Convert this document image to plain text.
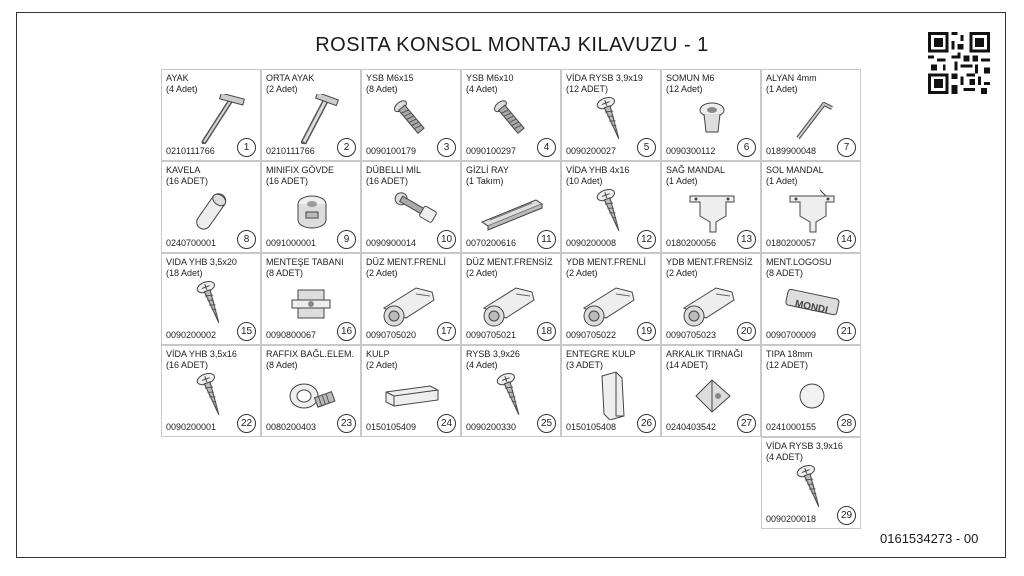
ROSITA KONSOL MONTAJ KILAVUZU - 1
AYAK
(4 Adet)
0210111766	1
ORTA AYAK
(2 Adet)
0210111766	2
YSB M6x15
(8 Adet)
0090100179	3
YSB M6x10
(4 Adet)
0090100297	4
VİDA RYSB 3,9x19
(12 ADET)
0090200027	5
SOMUN M6
(12 Adet)
0090300112	6
ALYAN 4mm
(1 Adet)
0189900048	7
KAVELA
(16 ADET)
0240700001	8
MINIFIX GÖVDE
(16 ADET)
0091000001	9
DÜBELLİ MİL
(16 ADET)
0090900014	10
GİZLİ RAY
(1 Takım)
0070200616	11
VİDA YHB 4x16
(10 Adet)
0090200008	12
SAĞ MANDAL
(1 Adet)
0180200056	13
SOL MANDAL
(1 Adet)
0180200057	14
VIDA YHB 3,5x20
(18 Adet)
0090200002	15
MENTEŞE TABANI
(8 ADET)
0090800067	16
DÜZ MENT.FRENLİ
(2 Adet)
0090705020	17
DÜZ MENT.FRENSİZ
(2 Adet)
0090705021	18
YDB MENT.FRENLİ
(2 Adet)
0090705022	19
YDB MENT.FRENSİZ
(2 Adet)
0090705023	20
MENT.LOGOSU
(8 ADET)
MONDI
0090700009	21
VİDA YHB 3,5x16
(16 ADET)
0090200001	22
RAFFIX BAĞL.ELEM.
(8 Adet)
0080200403	23
KULP
(2 Adet)
0150105409	24
RYSB 3,9x26
(4 Adet)
0090200330	25
ENTEGRE KULP
(3 ADET)
0150105408	26
ARKALIK TIRNAĞI
(14 ADET)
0240403542	27
TIPA 18mm
(12 ADET)
0241000155	28
VİDA RYSB 3,9x16
(4 ADET)
0090200018	29
0161534273 - 00
